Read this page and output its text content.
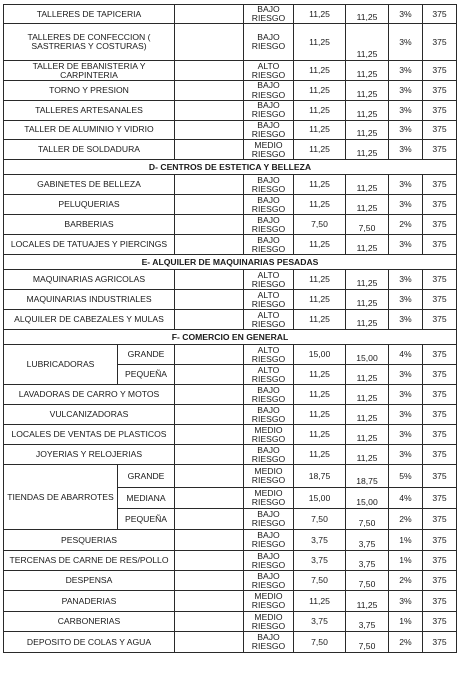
TALLERES DE TAPICERIA			BAJO RIESGO	11,25	11,25	3%	375
TALLERES DE CONFECCION ( SASTRERIAS Y COSTURAS)			BAJO RIESGO	11,25	11,25	3%	375
TALLER DE EBANISTERIA Y CARPINTERIA			ALTO RIESGO	11,25	11,25	3%	375
TORNO Y PRESION			BAJO RIESGO	11,25	11,25	3%	375
TALLERES ARTESANALES			BAJO RIESGO	11,25	11,25	3%	375
TALLER DE ALUMINIO Y VIDRIO			BAJO RIESGO	11,25	11,25	3%	375
TALLER DE SOLDADURA			MEDIO RIESGO	11,25	11,25	3%	375
D- CENTROS DE ESTETICA Y BELLEZA							
GABINETES DE BELLEZA			BAJO RIESGO	11,25	11,25	3%	375
PELUQUERIAS			BAJO RIESGO	11,25	11,25	3%	375
BARBERIAS			BAJO RIESGO	7,50	7,50	2%	375
LOCALES DE TATUAJES Y PIERCINGS			BAJO RIESGO	11,25	11,25	3%	375
E- ALQUILER DE MAQUINARIAS PESADAS							
MAQUINARIAS AGRICOLAS			ALTO RIESGO	11,25	11,25	3%	375
MAQUINARIAS INDUSTRIALES			ALTO RIESGO	11,25	11,25	3%	375
ALQUILER DE CABEZALES Y MULAS			ALTO RIESGO	11,25	11,25	3%	375
F- COMERCIO EN GENERAL							
LUBRICADORAS	GRANDE		ALTO RIESGO	15,00	15,00	4%	375
	PEQUEÑA		ALTO RIESGO	11,25	11,25	3%	375
LAVADORAS DE CARRO Y MOTOS			BAJO RIESGO	11,25	11,25	3%	375
VULCANIZADORAS			BAJO RIESGO	11,25	11,25	3%	375
LOCALES DE VENTAS DE PLASTICOS			MEDIO RIESGO	11,25	11,25	3%	375
JOYERIAS Y RELOJERIAS			BAJO RIESGO	11,25	11,25	3%	375
TIENDAS DE ABARROTES	GRANDE		MEDIO RIESGO	18,75	18,75	5%	375
	MEDIANA		MEDIO RIESGO	15,00	15,00	4%	375
	PEQUEÑA		BAJO RIESGO	7,50	7,50	2%	375
PESQUERIAS			BAJO RIESGO	3,75	3,75	1%	375
TERCENAS DE CARNE DE RES/POLLO			BAJO RIESGO	3,75	3,75	1%	375
DESPENSA			BAJO RIESGO	7,50	7,50	2%	375
PANADERIAS			MEDIO RIESGO	11,25	11,25	3%	375
CARBONERIAS			MEDIO RIESGO	3,75	3,75	1%	375
DEPOSITO DE COLAS Y AGUA			BAJO RIESGO	7,50	7,50	2%	375
